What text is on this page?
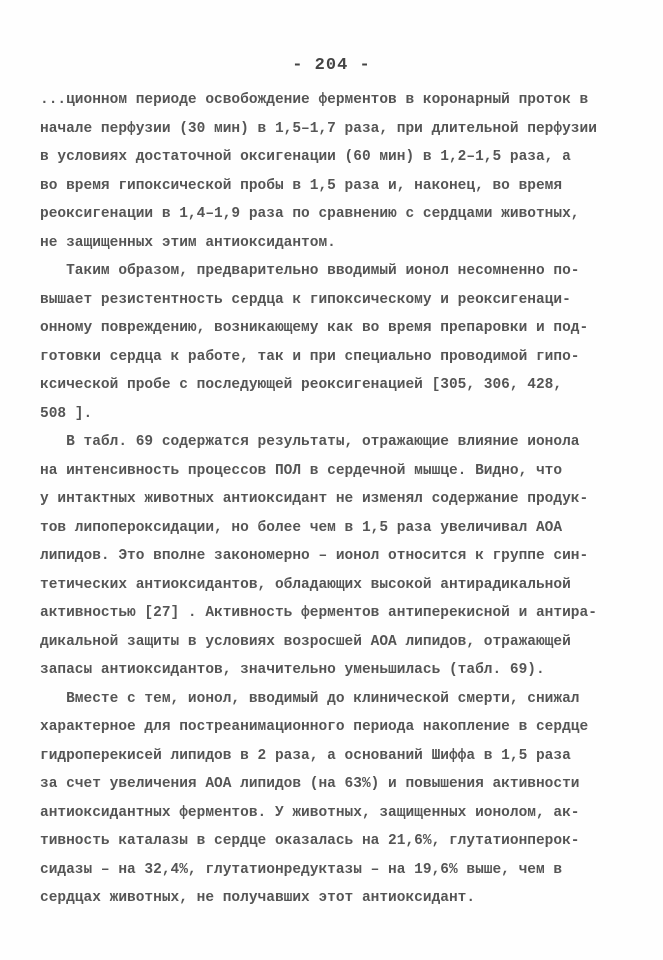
- 204 -
...ционном периоде освобождение ферментов в коронарный проток в
начале перфузии (30 мин) в 1,5–1,7 раза, при длительной перфузии
в условиях достаточной оксигенации (60 мин) в 1,2–1,5 раза, а
во время гипоксической пробы в 1,5 раза и, наконец, во время
реоксигенации в 1,4–1,9 раза по сравнению с сердцами животных,
не защищенных этим антиоксидантом.
Таким образом, предварительно вводимый ионол несомненно по-
вышает резистентность сердца к гипоксическому и реоксигенаци-
онному повреждению, возникающему как во время препаровки и под-
готовки сердца к работе, так и при специально проводимой гипо-
ксической пробе с последующей реоксигенацией [305, 306, 428,
508 ].
В табл. 69 содержатся результаты, отражающие влияние ионола
на интенсивность процессов ПОЛ в сердечной мышце. Видно, что
у интактных животных антиоксидант не изменял содержание продук-
тов липопероксидации, но более чем в 1,5 раза увеличивал АОА
липидов. Это вполне закономерно – ионол относится к группе син-
тетических антиоксидантов, обладающих высокой антирадикальной
активностью [27] . Активность ферментов антиперекисной и антира-
дикальной защиты в условиях возросшей АОА липидов, отражающей
запасы антиоксидантов, значительно уменьшилась (табл. 69).
Вместе с тем, ионол, вводимый до клинической смерти, снижал
характерное для постреанимационного периода накопление в сердце
гидроперекисей липидов в 2 раза, а оснований Шиффа в 1,5 раза
за счет увеличения АОА липидов (на 63%) и повышения активности
антиоксидантных ферментов. У животных, защищенных ионолом, ак-
тивность каталазы в сердце оказалась на 21,6%, глутатионперок-
сидазы – на 32,4%, глутатионредуктазы – на 19,6% выше, чем в
сердцах животных, не получавших этот антиоксидант.
